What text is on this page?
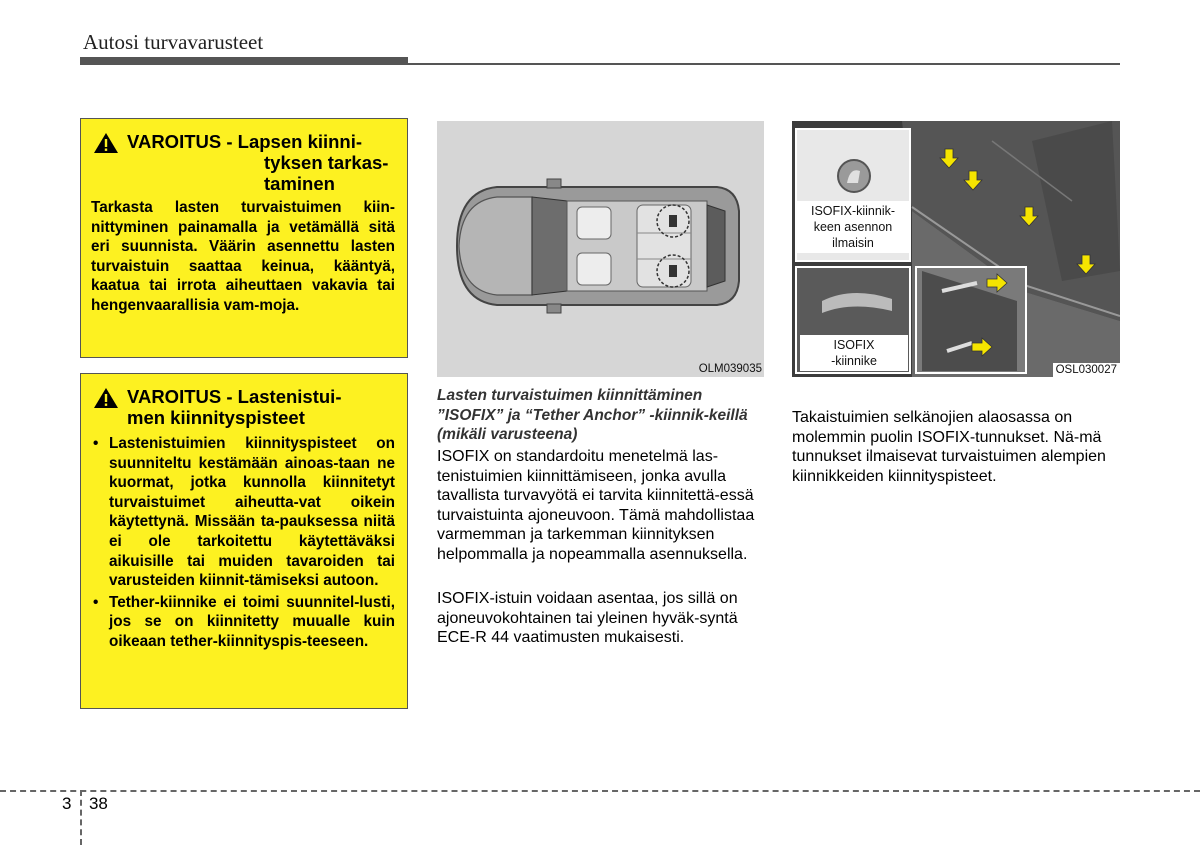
Autosi turvavarusteet
VAROITUS - Lapsen kiinni-
tyksen tarkas-
taminen
Tarkasta lasten turvaistuimen kiin-nittyminen painamalla ja vetämällä sitä eri suunnista. Väärin asennettu lasten turvaistuin saattaa keinua, kääntyä, kaatua tai irrota aiheuttaen vakavia tai hengenvaarallisia vam-moja.
VAROITUS - Lastenistui-
men kiinnityspisteet
• Lastenistuimien kiinnityspisteet on suunniteltu kestämään ainoas-taan ne kuormat, jotka kunnolla kiinnitetyt turvaistuimet aiheutta-vat oikein käytettynä. Missään ta-pauksessa niitä ei ole tarkoitettu käytettäväksi aikuisille tai muiden tavaroiden tai varusteiden kiinnit-tämiseksi autoon.
• Tether-kiinnike ei toimi suunnitel-lusti, jos se on kiinnitetty muualle kuin oikeaan tether-kiinnityspis-teeseen.
OLM039035
ISOFIX-kiinnik-
keen asennon
ilmaisin
ISOFIX
-kiinnike
OSL030027
Lasten turvaistuimen kiinnittäminen ”ISOFIX” ja “Tether Anchor” -kiinnik-keillä (mikäli varusteena)
ISOFIX on standardoitu menetelmä las-tenistuimien kiinnittämiseen, jonka avulla tavallista turvavyötä ei tarvita kiinnitettä-essä turvaistuinta ajoneuvoon. Tämä mahdollistaa varmemman ja tarkemman kiinnityksen helpommalla ja nopeammalla asennuksella.
ISOFIX-istuin voidaan asentaa, jos sillä on ajoneuvokohtainen tai yleinen hyväk-syntä ECE-R 44 vaatimusten mukaisesti.
Takaistuimien selkänojien alaosassa on molemmin puolin ISOFIX-tunnukset. Nä-mä tunnukset ilmaisevat turvaistuimen alempien kiinnikkeiden kiinnityspisteet.
3 38
